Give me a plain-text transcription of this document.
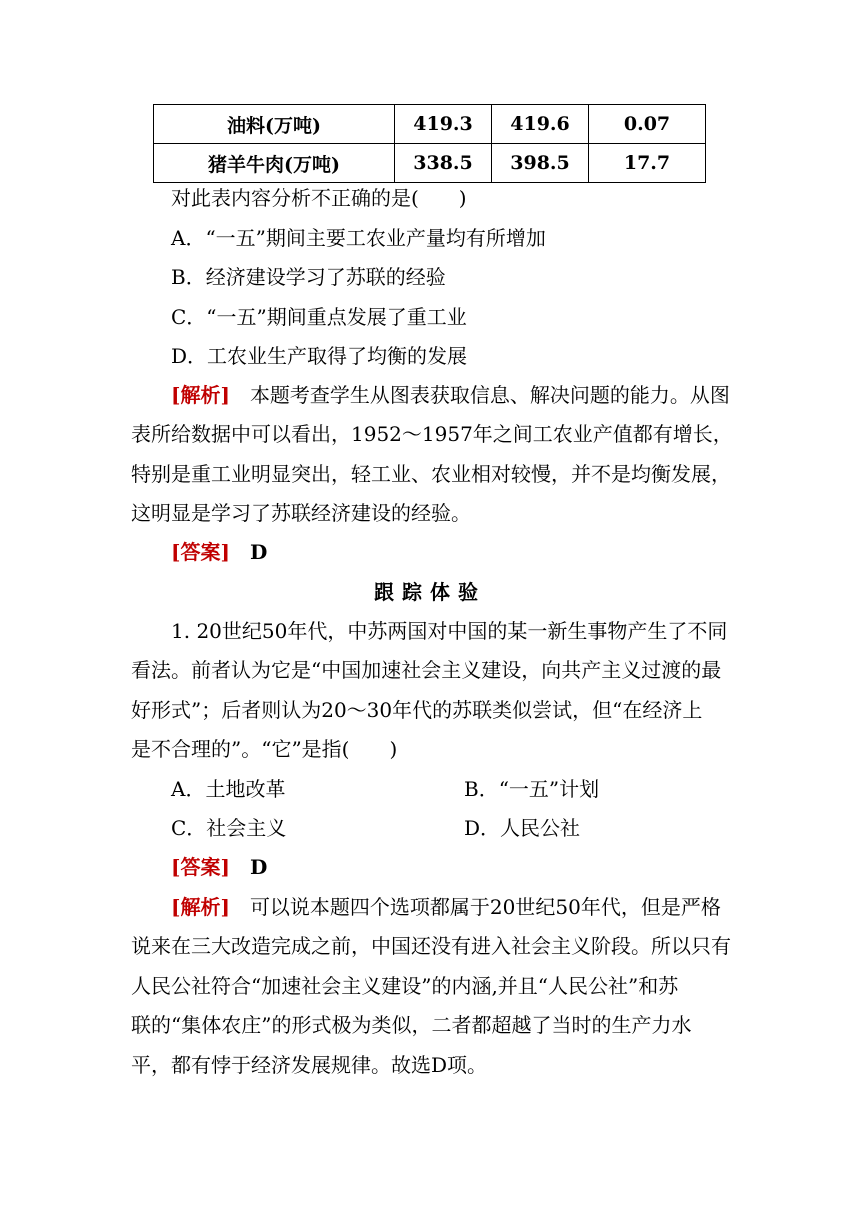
油料(万吨)	419.3	419.6	0.07
猪羊牛肉(万吨)	338.5	398.5	17.7
对此表内容分析不正确的是(　　)
A．“一五”期间主要工农业产量均有所增加
B．经济建设学习了苏联的经验
C．“一五”期间重点发展了重工业
D．工农业生产取得了均衡的发展
[解析]　 本题考查学生从图表获取信息、解决问题的能力。从图
表所给数据中可以看出，1952～1957年之间工农业产值都有增长，
特别是重工业明显突出，轻工业、农业相对较慢，并不是均衡发展，
这明显是学习了苏联经济建设的经验。
[答案]　 D
跟踪体验
1. 20世纪50年代，中苏两国对中国的某一新生事物产生了不同
看法。前者认为它是“中国加速社会主义建设，向共产主义过渡的最
好形式”；后者则认为20～30年代的苏联类似尝试，但“在经济上
是不合理的”。“它”是指(　　)
A．土地改革	B．“一五”计划
C．社会主义	D．人民公社
[答案]　 D
[解析]　 可以说本题四个选项都属于20世纪50年代，但是严格
说来在三大改造完成之前，中国还没有进入社会主义阶段。所以只有
人民公社符合“加速社会主义建设”的内涵,并且“人民公社”和苏
联的“集体农庄”的形式极为类似，二者都超越了当时的生产力水
平，都有悖于经济发展规律。故选D项。
